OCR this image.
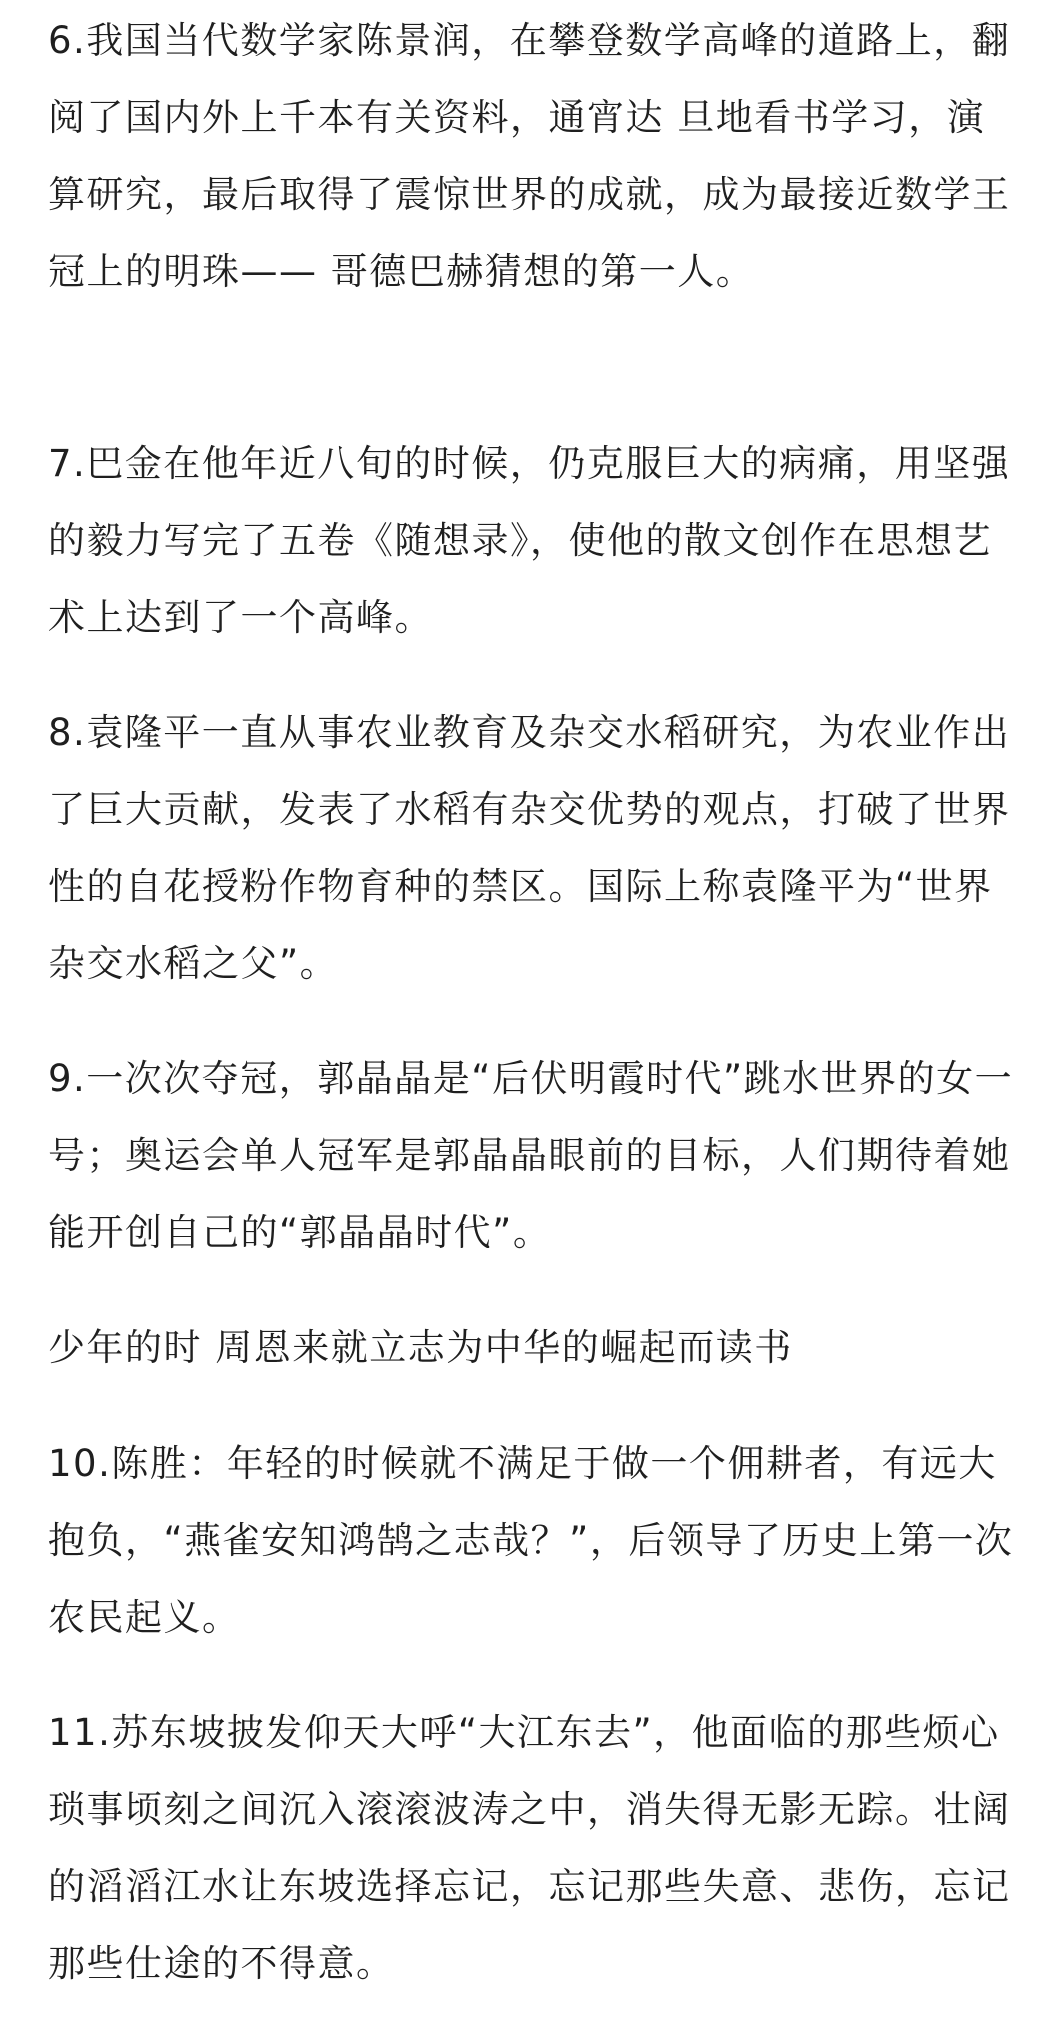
6.我国当代数学家陈景润，在攀登数学高峰的道路上，翻阅了国内外上千本有关资料，通宵达 旦地看书学习，演算研究，最后取得了震惊世界的成就，成为最接近数学王冠上的明珠—— 哥德巴赫猜想的第一人。

7.巴金在他年近八旬的时候，仍克服巨大的病痛，用坚强的毅力写完了五卷《随想录》，使他的散文创作在思想艺术上达到了一个高峰。

8.袁隆平一直从事农业教育及杂交水稻研究，为农业作出了巨大贡献，发表了水稻有杂交优势的观点，打破了世界性的自花授粉作物育种的禁区。国际上称袁隆平为“世界杂交水稻之父”。

9.一次次夺冠，郭晶晶是“后伏明霞时代”跳水世界的女一号；奥运会单人冠军是郭晶晶眼前的目标，人们期待着她能开创自己的“郭晶晶时代”。

少年的时 周恩来就立志为中华的崛起而读书

10.陈胜：年轻的时候就不满足于做一个佣耕者，有远大抱负，“燕雀安知鸿鹄之志哉？”，后领导了历史上第一次农民起义。

11.苏东坡披发仰天大呼“大江东去”，他面临的那些烦心琐事顷刻之间沉入滚滚波涛之中，消失得无影无踪。壮阔的滔滔江水让东坡选择忘记，忘记那些失意、悲伤，忘记那些仕途的不得意。
